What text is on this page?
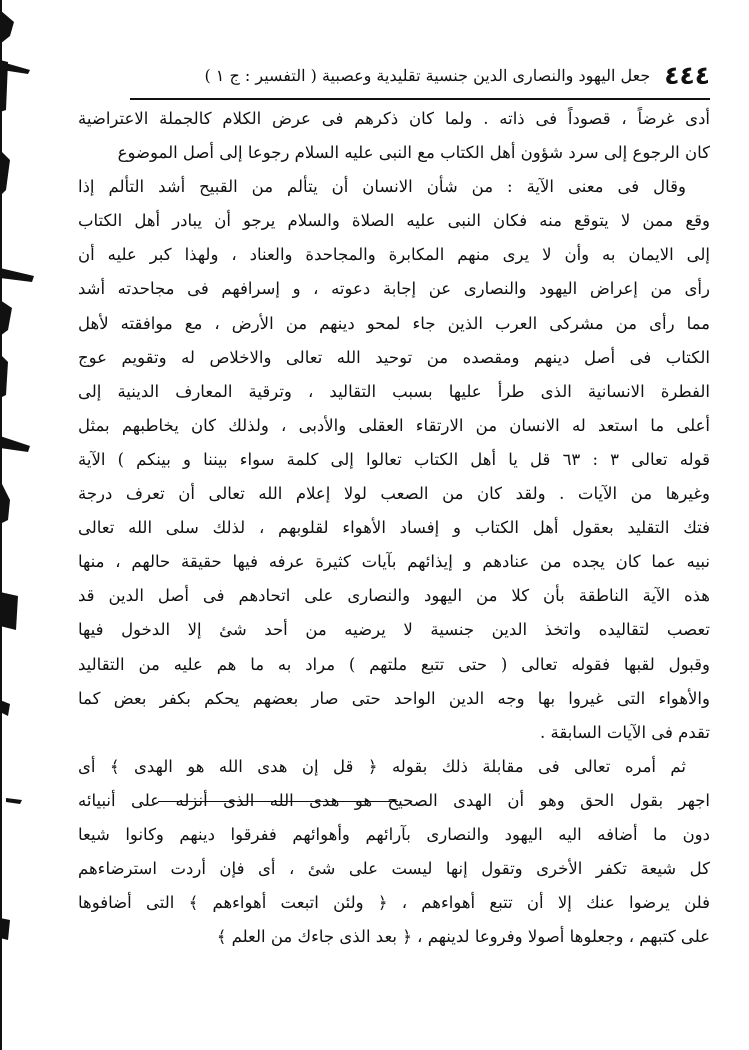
٤٤٤
جعل اليهود والنصارى الدين جنسية تقليدية وعصبية ( التفسير : ج ١ )
أدى غرضاً ، قصوداً فى ذاته . ولما كان ذكرهم فى عرض الكلام كالجملة الاعتراضية
كان الرجوع إلى سرد شؤون أهل الكتاب مع النبى عليه السلام رجوعا إلى أصل الموضوع
وقال فى معنى الآية : من شأن الانسان أن يتألم من القبيح أشد التألم إذا
وقع ممن لا يتوقع منه فكان النبى عليه الصلاة والسلام يرجو أن يبادر أهل الكتاب
إلى الايمان به وأن لا يرى منهم المكابرة والمجاحدة والعناد ، ولهذا كبر عليه أن
رأى من إعراض اليهود والنصارى عن إجابة دعوته ، و إسرافهم فى مجاحدته أشد
مما رأى من مشركى العرب الذين جاء لمحو دينهم من الأرض ، مع موافقته لأهل
الكتاب فى أصل دينهم ومقصده من توحيد الله تعالى والاخلاص له وتقويم عوج
الفطرة الانسانية الذى طرأ عليها بسبب التقاليد ، وترقية المعارف الدينية إلى
أعلى ما استعد له الانسان من الارتقاء العقلى والأدبى ، ولذلك كان يخاطبهم بمثل
قوله تعالى ٣ : ٦٣ قل يا أهل الكتاب تعالوا إلى كلمة سواء بيننا و بينكم ) الآية
وغيرها من الآيات . ولقد كان من الصعب لولا إعلام الله تعالى أن تعرف درجة
فتك التقليد بعقول أهل الكتاب و إفساد الأهواء لقلوبهم ، لذلك سلى الله تعالى
نبيه عما كان يجده من عنادهم و إيذائهم بآيات كثيرة عرفه فيها حقيقة حالهم ، منها
هذه الآية الناطقة بأن كلا من اليهود والنصارى على اتحادهم فى أصل الدين قد
تعصب لتقاليده واتخذ الدين جنسية لا يرضيه من أحد شئ إلا الدخول فيها
وقبول لقبها فقوله تعالى ( حتى تتبع ملتهم ) مراد به ما هم عليه من التقاليد
والأهواء التى غيروا بها وجه الدين الواحد حتى صار بعضهم يحكم بكفر بعض كما
تقدم فى الآيات السابقة .
ثم أمره تعالى فى مقابلة ذلك بقوله ﴿ قل إن هدى الله هو الهدى ﴾ أى
اجهر بقول الحق وهو أن الهدى الصحيح هو هدى الله الذى أنزله على أنبيائه
دون ما أضافه اليه اليهود والنصارى بآرائهم وأهوائهم ففرقوا دينهم وكانوا شيعا
كل شيعة تكفر الأخرى وتقول إنها ليست على شئ ، أى فإن أردت استرضاءهم
فلن يرضوا عنك إلا أن تتبع أهواءهم ، ﴿ ولئن اتبعت أهواءهم ﴾ التى أضافوها
على كتبهم ، وجعلوها أصولا وفروعا لدينهم ، ﴿ بعد الذى جاءك من العلم ﴾
